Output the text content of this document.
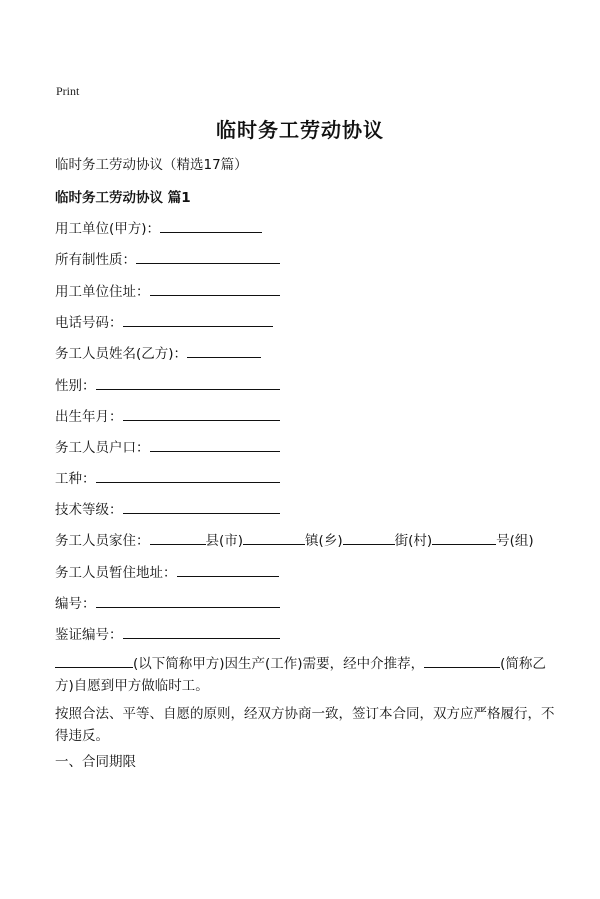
Print
临时务工劳动协议
临时务工劳动协议（精选17篇）
临时务工劳动协议 篇1
用工单位(甲方)：
所有制性质：
用工单位住址：
电话号码：
务工人员姓名(乙方)：
性别：
出生年月：
务工人员户口：
工种：
技术等级：
务工人员家住：	县(市)	镇(乡)	街(村)	号(组)
务工人员暂住地址：
编号：
鉴证编号：
(以下简称甲方)因生产(工作)需要，经中介推荐，	(简称乙方)自愿到甲方做临时工。
按照合法、平等、自愿的原则，经双方协商一致，签订本合同，双方应严格履行，不得违反。
一、合同期限
